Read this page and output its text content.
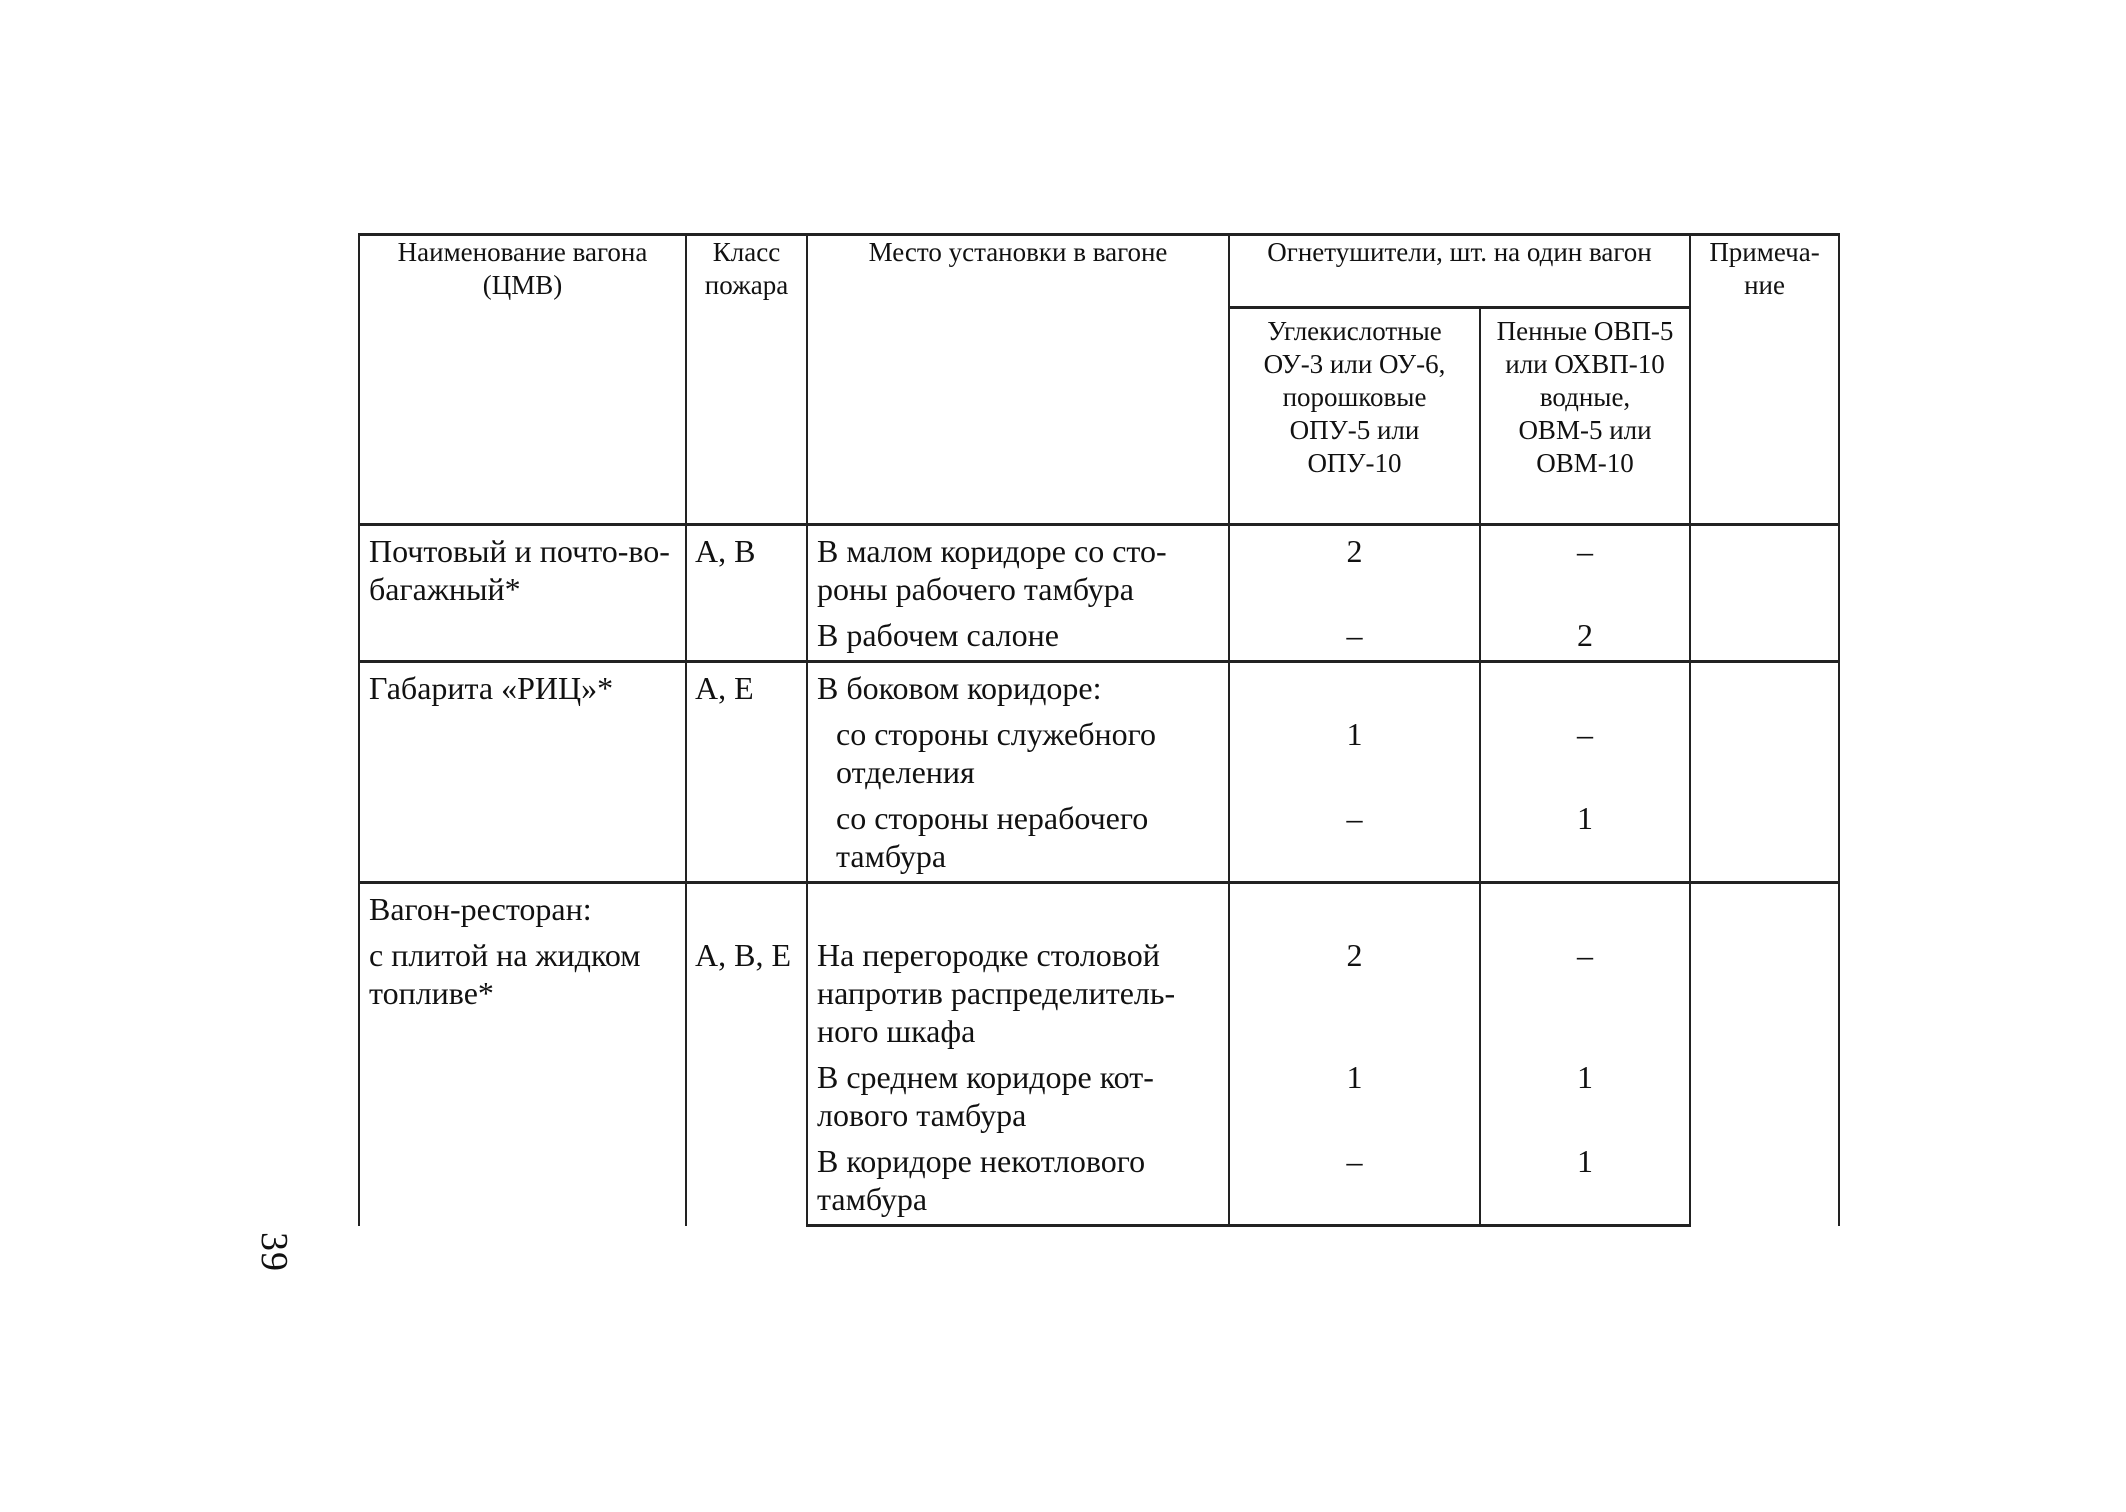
39
Наименование вагона (ЦМВ)	Класс пожара	Место установки в вагоне	Огнетушители, шт. на один вагон		Примеча-ние
			Углекислотные ОУ-3 или ОУ-6, порошковые ОПУ-5 или ОПУ-10	Пенные ОВП-5 или ОХВП-10 водные, ОВМ-5 или ОВМ-10	
Почтовый и почто-во-багажный*	А, В	В малом коридоре со сто-роны рабочего тамбура	2	–	
		В рабочем салоне	–	2	
Габарита «РИЦ»*	А, Е	В боковом коридоре:			
		со стороны служебного отделения	1	–	
		со стороны нерабочего тамбура	–	1	
Вагон-ресторан:					
с плитой на жидком топливе*	А, В, Е	На перегородке столовой напротив распределитель-ного шкафа	2	–	
		В среднем коридоре кот-лового тамбура	1	1	
		В коридоре некотлового тамбура	–	1	
